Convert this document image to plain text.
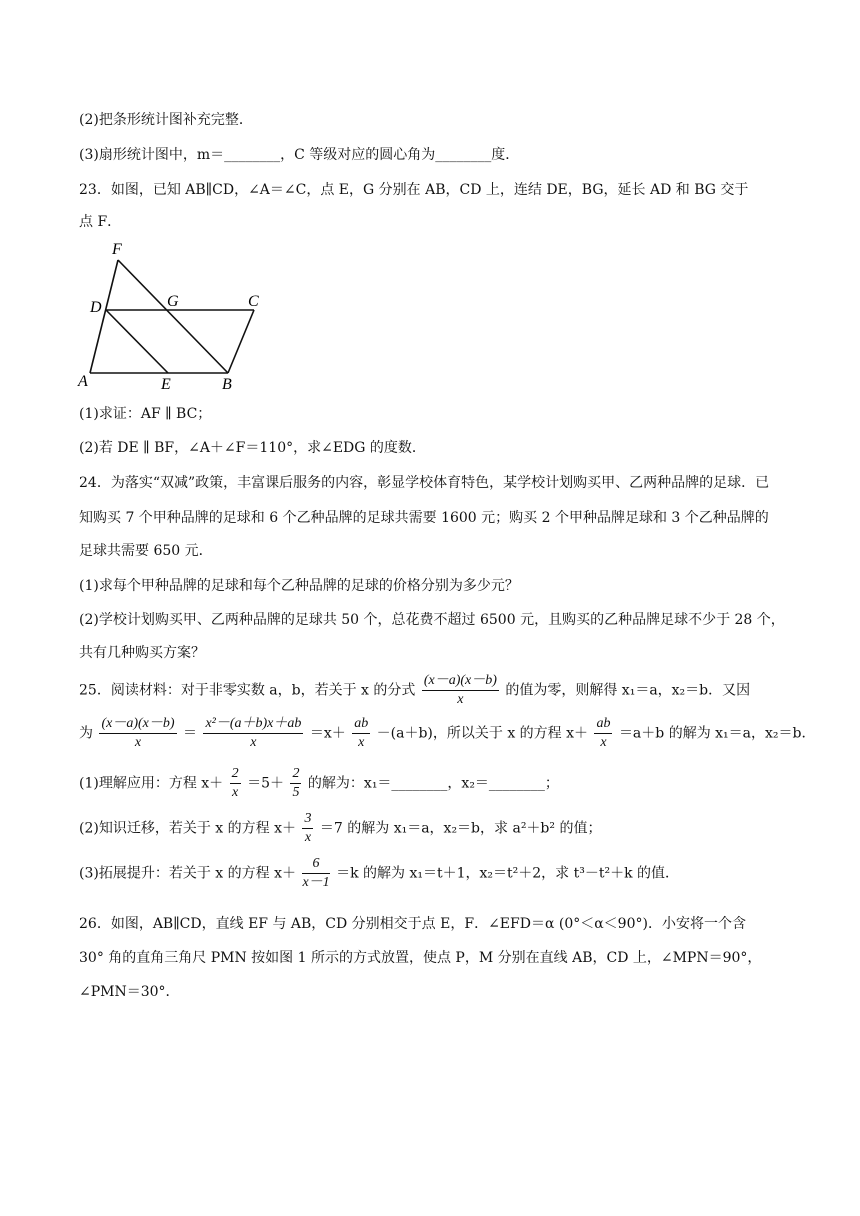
(2)把条形统计图补充完整．
(3)扇形统计图中，m＝________，C 等级对应的圆心角为________度．
23．如图，已知 AB∥CD，∠A＝∠C，点 E，G 分别在 AB，CD 上，连结 DE，BG，延长 AD 和 BG 交于
点 F．
F
D	G	C
A	E	B
(1)求证：AF ∥ BC；
(2)若 DE ∥ BF，∠A＋∠F＝110°，求∠EDG 的度数．
24．为落实“双减”政策，丰富课后服务的内容，彰显学校体育特色，某学校计划购买甲、乙两种品牌的足球．已
知购买 7 个甲种品牌的足球和 6 个乙种品牌的足球共需要 1600 元；购买 2 个甲种品牌足球和 3 个乙种品牌的
足球共需要 650 元．
(1)求每个甲种品牌的足球和每个乙种品牌的足球的价格分别为多少元？
(2)学校计划购买甲、乙两种品牌的足球共 50 个，总花费不超过 6500 元，且购买的乙种品牌足球不少于 28 个，
共有几种购买方案？
25．阅读材料：对于非零实数 a，b，若关于 x 的分式 $\frac{(x-a)(x-b)}{x}$ 的值为零，则解得 x₁＝a，x₂＝b．又因
为 $\frac{(x-a)(x-b)}{x} = \frac{\text{x²－(a＋b)x＋ab}}{x} =x+ \frac{ab}{x} -(a+b)$，所以关于 x 的方程 $x+ \frac{ab}{x} =a+b$ 的解为 x₁＝a，x₂＝b．
(1)理解应用：方程 $x+ \frac{2}{x} =5+ \frac{2}{5}$ 的解为：x₁＝________，x₂＝________；
(2)知识迁移，若关于 x 的方程 $x+ \frac{3}{x} =7$ 的解为 x₁＝a，x₂＝b，求 a²＋b² 的值；
(3)拓展提升：若关于 x 的方程 $x+ \frac{6}{x-1} =k$ 的解为 x₁＝t＋1，x₂＝t²＋2，求 t³－t²＋k 的值．
26．如图，AB∥CD，直线 EF 与 AB，CD 分别相交于点 E，F．∠EFD＝α (0°＜α＜90°)．小安将一个含
30° 角的直角三角尺 PMN 按如图 1 所示的方式放置，使点 P，M 分别在直线 AB，CD 上，∠MPN＝90°，
∠PMN＝30°．
